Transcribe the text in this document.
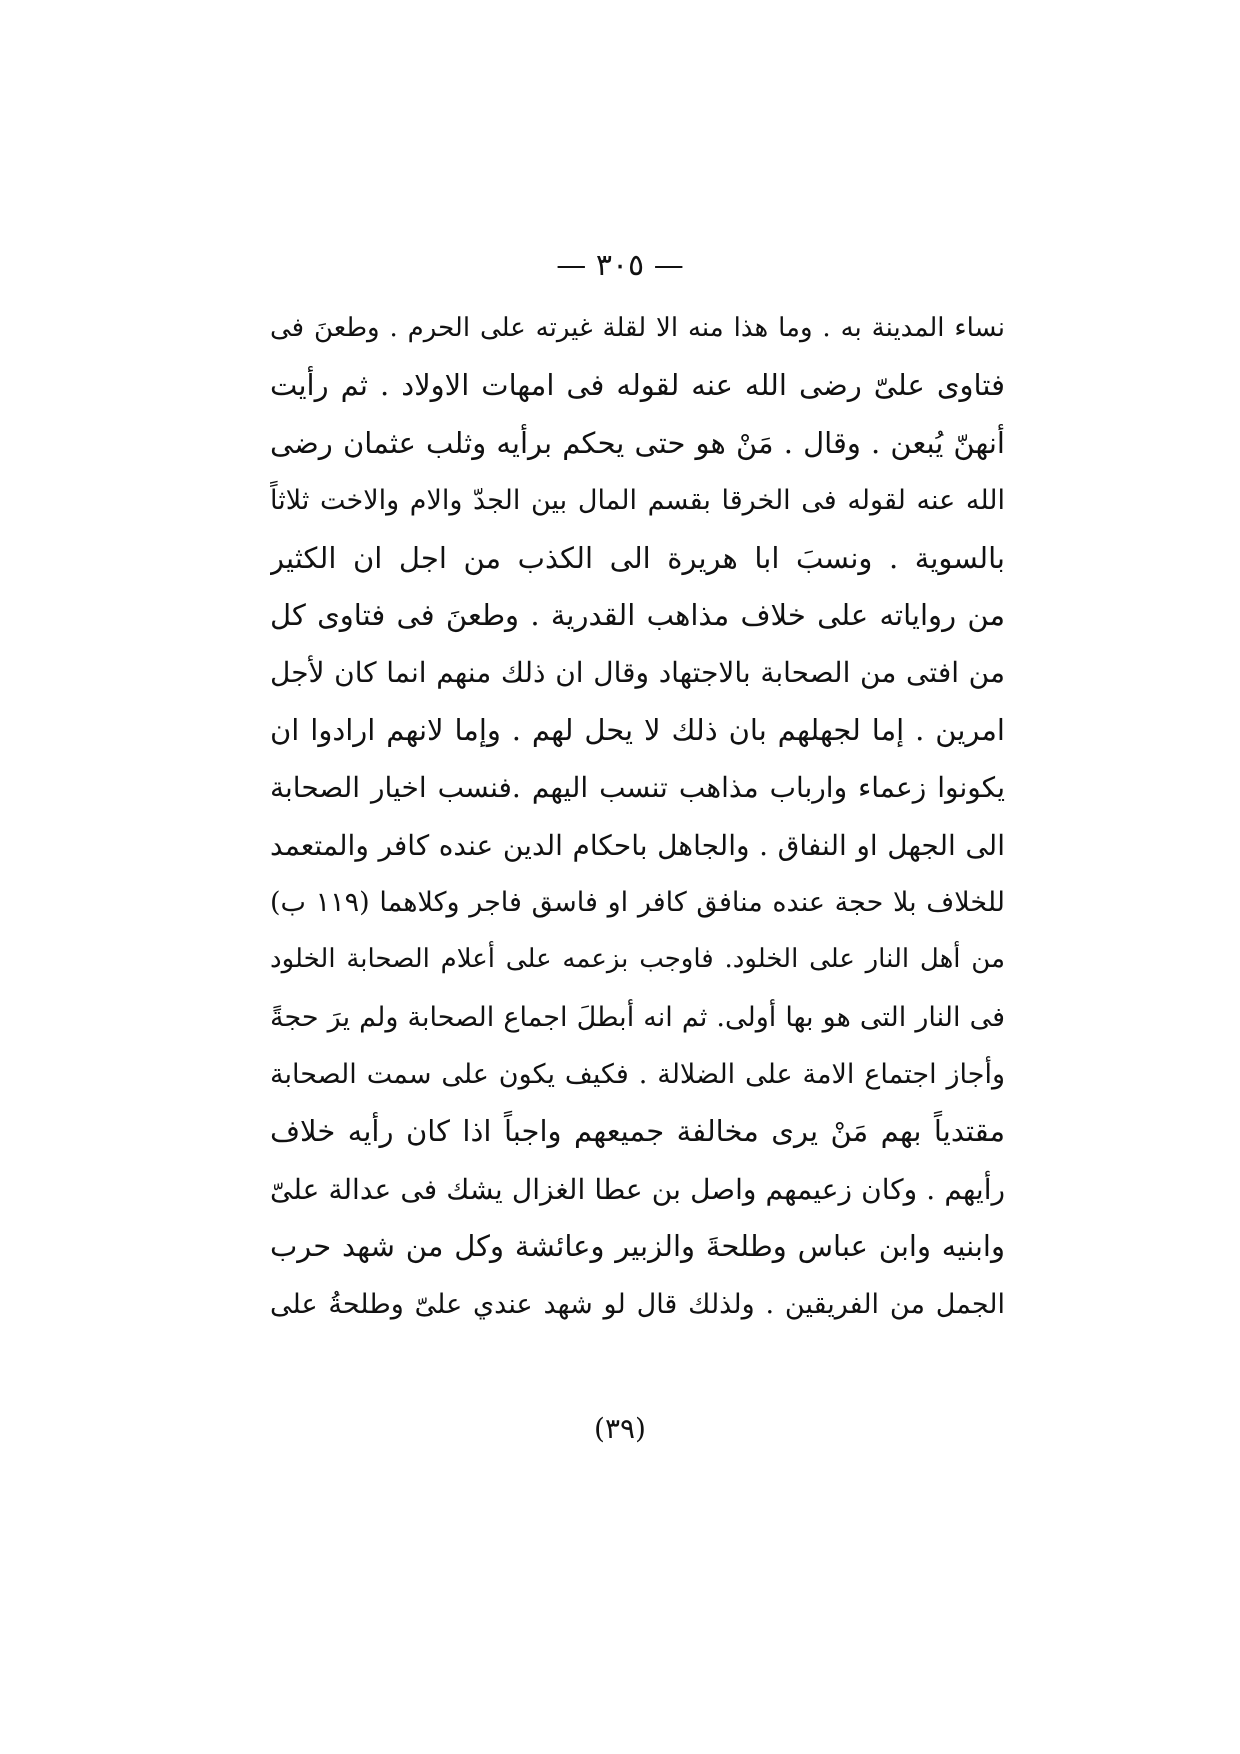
— ٣٠٥ —
نساء المدينة به . وما هذا منه الا لقلة غيرته على الحرم . وطعنَ فى
فتاوى علىّ رضى الله عنه لقوله فى امهات الاولاد . ثم رأيت
أنهنّ يُبعن . وقال . مَنْ هو حتى يحكم برأيه وثلب عثمان رضى
الله عنه لقوله فى الخرقا بقسم المال بين الجدّ والام والاخت ثلاثاً
بالسوية . ونسبَ ابا هريرة الى الكذب من اجل ان الكثير
من رواياته على خلاف مذاهب القدرية . وطعنَ فى فتاوى كل
من افتى من الصحابة بالاجتهاد وقال ان ذلك منهم انما كان لأجل
امرين . إما لجهلهم بان ذلك لا يحل لهم . وإما لانهم ارادوا ان
يكونوا زعماء وارباب مذاهب تنسب اليهم .فنسب اخيار الصحابة
الى الجهل او النفاق . والجاهل باحكام الدين عنده كافر والمتعمد
للخلاف بلا حجة عنده منافق كافر او فاسق فاجر وكلاهما (١١٩ ب)
من أهل النار على الخلود. فاوجب بزعمه على أعلام الصحابة الخلود
فى النار التى هو بها أولى. ثم انه أبطلَ اجماع الصحابة ولم يرَ حجةً
وأجاز اجتماع الامة على الضلالة . فكيف يكون على سمت الصحابة
مقتدياً بهم مَنْ يرى مخالفة جميعهم واجباً اذا كان رأيه خلاف
رأيهم . وكان زعيمهم واصل بن عطا الغزال يشك فى عدالة علىّ
وابنيه وابن عباس وطلحةَ والزبير وعائشة وكل من شهد حرب
الجمل من الفريقين . ولذلك قال لو شهد عندي علىّ وطلحةُ على
(٣٩)
